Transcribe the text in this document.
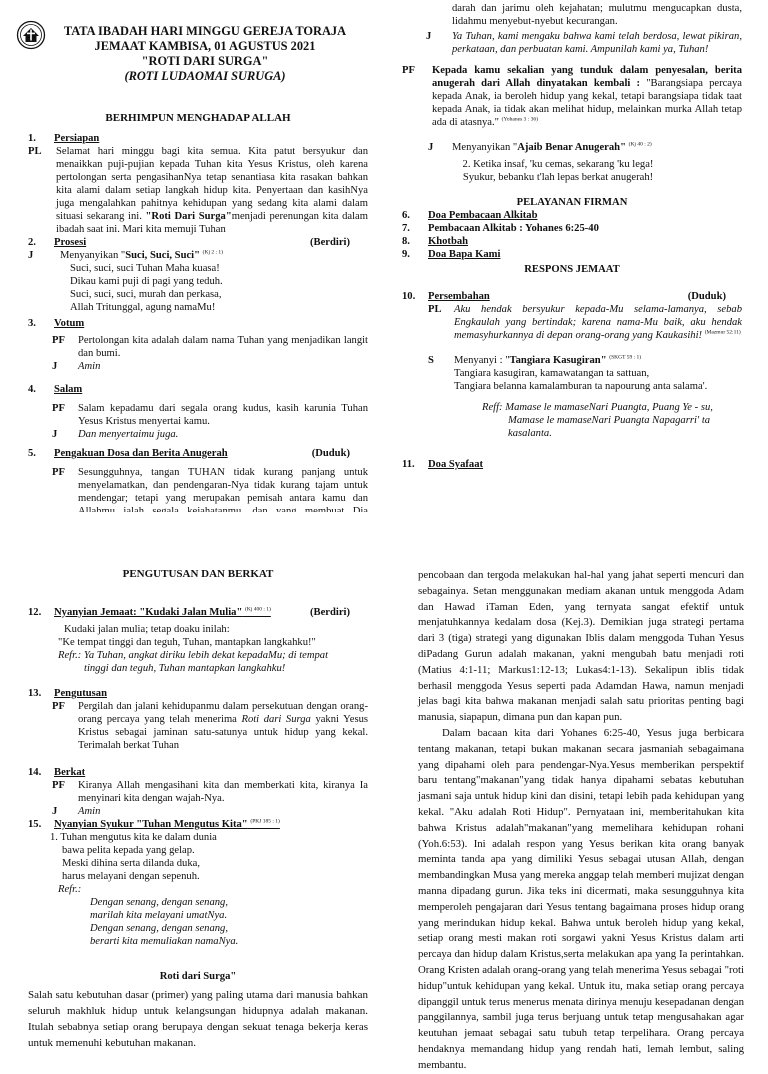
TATA IBADAH HARI MINGGU GEREJA TORAJA

JEMAAT KAMBISA, 01 AGUSTUS 2021

"ROTI DARI SURGA"

(ROTI LUDAOMAI SURUGA)

BERHIMPUN MENGHADAP ALLAH

1. Persiapan
PL Selamat hari minggu bagi kita semua. Kita patut bersyukur dan menaikkan puji-pujian kepada Tuhan kita Yesus Kristus, oleh karena pertolongan serta pengasihanNya tetap senantiasa kita rasakan bahkan kita alami dalam setiap langkah hidup kita. Penyertaan dan kasihNya juga mengalahkan pahitnya kehidupan yang sedang kita alami dalam situasi sekarang ini. "Roti Dari Surga"menjadi perenungan kita dalam ibadah saat ini. Mari kita memuji Tuhan

2. Prosesi	(Berdiri)
J	Menyanyikan "Suci, Suci, Suci" $^{(Kj 2 : 1)}$

Suci, suci, suci Tuhan Maha kuasa!

Dikau kami puji di pagi yang teduh.

Suci, suci, suci, murah dan perkasa,

Allah Tritunggal, agung namaMu!

3. Votum
PF Pertolongan kita adalah dalam nama Tuhan yang menjadikan langit dan bumi.

J Amin

4. Salam
PF Salam kepadamu dari segala orang kudus, kasih karunia Tuhan Yesus Kristus menyertai kamu.

J Dan menyertaimu juga.

5. Pengakuan Dosa dan Berita Anugerah	(Duduk)
PF Sesungguhnya, tangan TUHAN tidak kurang panjang untuk menyelamatkan, dan pendengaran-Nya tidak kurang tajam untuk mendengar; tetapi yang merupakan pemisah antara kamu dan

darah dan jarimu oleh kejahatan; mulutmu mengucapkan dusta, lidahmu menyebut-nyebut kecurangan.

J Ya Tuhan, kami mengaku bahwa kami telah berdosa, lewat pikiran, perkataan, dan perbuatan kami. Ampunilah kami ya, Tuhan!

PF Kepada kamu sekalian yang tunduk dalam penyesalan, berita anugerah dari Allah dinyatakan kembali : "Barangsiapa percaya kepada Anak, ia beroleh hidup yang kekal, tetapi barangsiapa tidak taat kepada Anak, ia tidak akan melihat hidup, melainkan murka Allah tetap ada di atasnya." $^{(Yohanes 3 : 36)}$

J Menyanyikan "Ajaib Benar Anugerah" $^{(Kj 40 : 2)}$

2. Ketika insaf, 'ku cemas, sekarang 'ku lega!

Syukur, bebanku t'lah lepas berkat anugerah!

PELAYANAN FIRMAN

6. Doa Pembacaan Alkitab
7. Pembacaan Alkitab : Yohanes 6:25-40
8. Khotbah
9. Doa Bapa Kami

RESPONS JEMAAT

10. Persembahan	(Duduk)
PL Aku hendak bersyukur kepada-Mu selama-lamanya, sebab Engkaulah yang bertindak; karena nama-Mu baik, aku hendak memasyhurkannya di depan orang-orang yang Kaukasihi! $^{(Mazmur 52:11)}$

S Menyanyi : "Tangiara Kasugiran" $^{(SKGT 59 : 1)}$

Tangiara kasugiran, kamawatangan ta sattuan,

Tangiara belanna kamalamburan ta napourung anta salama'.

Reff: Mamase le mamaseNari Puangta, Puang Ye - su,

Mamase le mamaseNari Puangta Napagarri' ta kasalanta.

11. Doa Syafaat

PENGUTUSAN DAN BERKAT

12. Nyanyian Jemaat: "Kudaki Jalan Mulia" $^{(Kj 400 : 1)}$	(Berdiri)

Kudaki jalan mulia; tetap doaku inilah:

"Ke tempat tinggi dan teguh, Tuhan, mantapkan langkahku!"

Refr.: Ya Tuhan, angkat diriku lebih dekat kepadaMu; di tempat

tinggi dan teguh, Tuhan mantapkan langkahku!

13. Pengutusan
PF Pergilah dan jalani kehidupanmu dalam persekutuan dengan orang-orang percaya yang telah menerima Roti dari Surga yakni Yesus Kristus sebagai jaminan satu-satunya untuk hidup yang kekal. Terimalah berkat Tuhan

14. Berkat
PF Kiranya Allah mengasihani kita dan memberkati kita, kiranya Ia menyinari kita dengan wajah-Nya.

J Amin

15. Nyanyian Syukur "Tuhan Mengutus Kita" $^{(PKJ 185 : 1)}$

1. Tuhan mengutus kita ke dalam dunia

bawa pelita kepada yang gelap.

Meski dihina serta dilanda duka,

harus melayani dengan sepenuh.

Refr.:

Dengan senang, dengan senang,

marilah kita melayani umatNya.

Dengan senang, dengan senang,

berarti kita memuliakan namaNya.

Roti dari Surga"

Salah satu kebutuhan dasar (primer) yang paling utama dari manusia bahkan seluruh makhluk hidup untuk kelangsungan hidupnya adalah makanan. Itulah sebabnya setiap orang berupaya dengan sekuat tenaga bekerja keras untuk memenuhi kebutuhan makanan.

pencobaan dan tergoda melakukan hal-hal yang jahat seperti mencuri dan sebagainya. Setan menggunakan mediam akanan untuk menggoda Adam dan Hawad iTaman Eden, yang ternyata sangat efektif untuk menjatuhkannya kedalam dosa (Kej.3). Demikian juga strategi pertama dari 3 (tiga) strategi yang digunakan Iblis dalam menggoda Tuhan Yesus diPadang Gurun adalah makanan, yakni mengubah batu menjadi roti (Matius 4:1-11; Markus1:12-13; Lukas4:1-13). Sekalipun iblis tidak berhasil menggoda Yesus seperti pada Adamdan Hawa, namun menjadi jelas bagi kita bahwa makanan menjadi salah satu prioritas penting bagi manusia, siapapun, dimana pun dan kapan pun.

Dalam bacaan kita dari Yohanes 6:25-40, Yesus juga berbicara tentang makanan, tetapi bukan makanan secara jasmaniah sebagaimana yang dipahami oleh para pendengar-Nya.Yesus memberikan perspektif baru tentang"makanan"yang tidak hanya dipahami sebatas kebutuhan jasmani saja untuk hidup kini dan disini, tetapi lebih pada kehidupan yang kekal. "Aku adalah Roti Hidup". Pernyataan ini, memberitahukan kita bahwa Kristus adalah"makanan"yang memelihara kehidupan rohani (Yoh.6:53). Ini adalah respon yang Yesus berikan kita orang banyak meminta tanda apa yang dimiliki Yesus sebagai utusan Allah, dengan membandingkan Musa yang mereka anggap telah memberi mujizat dengan manna dipadang gurun. Jika teks ini dicermati, maka sesungguhnya kita memperoleh pengajaran dari Yesus tentang bagaimana proses hidup orang yang merindukan hidup kekal. Bahwa untuk beroleh hidup yang kekal, setiap orang mesti makan roti sorgawi yakni Yesus Kristus dalam arti percaya dan hidup dalam Kristus,serta melakukan apa yang Ia perintahkan. Orang Kristen adalah orang-orang yang telah menerima Yesus sebagai "roti hidup"untuk kehidupan yang kekal. Untuk itu, maka setiap orang percaya dipanggil untuk terus menerus menata dirinya menuju kesepadanan dengan panggilannya, sambil juga terus berjuang untuk tetap mengusahakan agar keutuhan jemaat sebagai satu tubuh tetap terpelihara. Orang percaya hendaknya memandang hidup yang rendah hati, lemah lembut, saling membantu.
